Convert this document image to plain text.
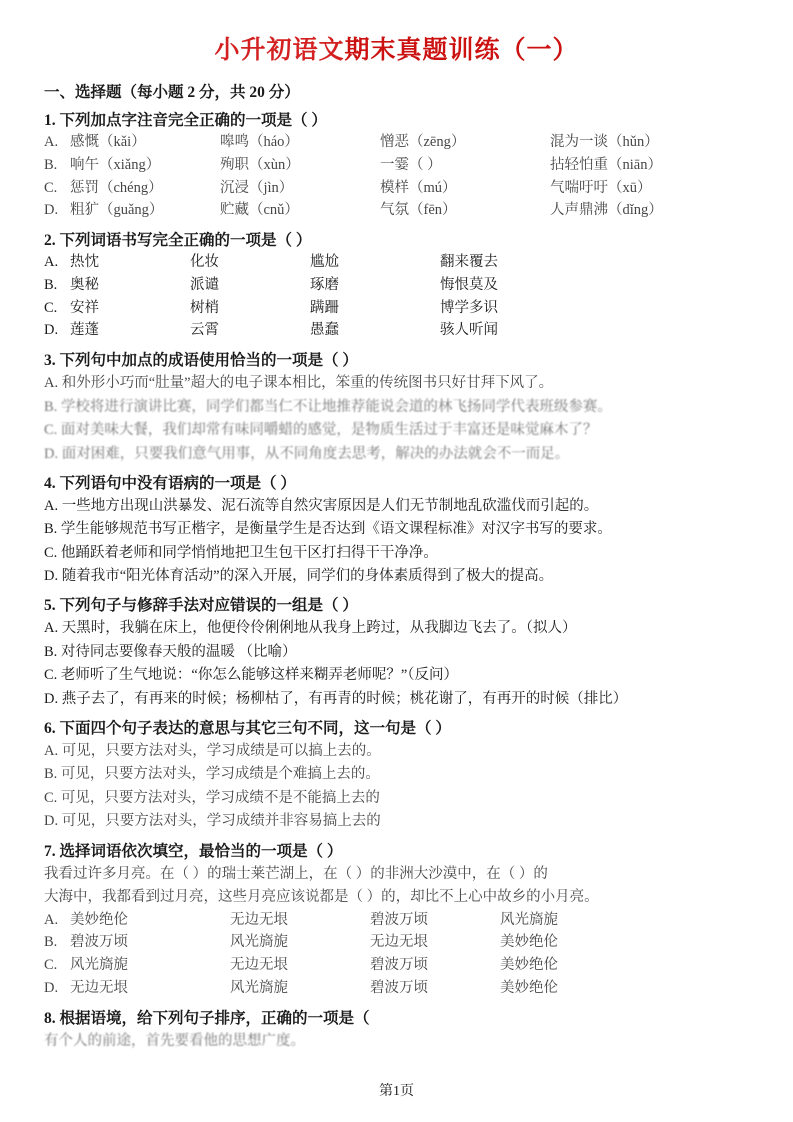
小升初语文期末真题训练（一）
一、选择题（每小题 2 分，共 20 分）
1. 下列加点字注音完全正确的一项是（ ）
A. 感慨（kǎi）	嗥鸣（háo）	憎恶（zēng）	混为一谈（hǔn）
B. 响午（xiǎng）	殉职（xùn）	一霎（ ）	拈轻怕重（niān）
C. 惩罚（chéng）	沉浸（jìn）	模样（mú）	气喘吁吁（xū）
D. 粗犷（guǎng）	贮藏（cnǔ）	气氛（fēn）	人声鼎沸（dǐng）
2. 下列词语书写完全正确的一项是（ ）
A. 热忱	化妆	尴尬	翻来覆去
B. 奥秘	派谴	琢磨	悔恨莫及
C. 安祥	树梢	蹒跚	博学多识
D. 莲蓬	云霄	愚蠢	骇人听闻
3. 下列句中加点的成语使用恰当的一项是（ ）
A. 和外形小巧而“肚量”超大的电子课本相比，笨重的传统图书只好甘拜下风了。
B. 学校将进行演讲比赛，同学们都当仁不让地推荐能说会道的林飞扬同学代表班级参赛。
C. 面对美味大餐，我们却常有味同嚼蜡的感觉，是物质生活过于丰富还是味觉麻木了？
D. 面对困难，只要我们意气用事，从不同角度去思考，解决的办法就会不一而足。
4. 下列语句中没有语病的一项是（ ）
A. 一些地方出现山洪暴发、泥石流等自然灾害原因是人们无节制地乱砍滥伐而引起的。
B. 学生能够规范书写正楷字，是衡量学生是否达到《语文课程标准》对汉字书写的要求。
C. 他踊跃着老师和同学悄悄地把卫生包干区打扫得干干净净。
D. 随着我市“阳光体育活动”的深入开展，同学们的身体素质得到了极大的提高。
5. 下列句子与修辞手法对应错误的一组是（ ）
A. 天黑时，我躺在床上，他便伶伶俐俐地从我身上跨过，从我脚边飞去了。（拟人）
B. 对待同志要像春天般的温暖 （比喻）
C. 老师听了生气地说：“你怎么能够这样来糊弄老师呢？”（反问）
D. 燕子去了，有再来的时候；杨柳枯了，有再青的时候；桃花谢了，有再开的时候（排比）
6. 下面四个句子表达的意思与其它三句不同，这一句是（ ）
A. 可见，只要方法对头，学习成绩是可以搞上去的。
B. 可见，只要方法对头，学习成绩是个难搞上去的。
C. 可见，只要方法对头，学习成绩不是不能搞上去的
D. 可见，只要方法对头，学习成绩并非容易搞上去的
7. 选择词语依次填空，最恰当的一项是（ ）
我看过许多月亮。在（ ）的瑞士莱芒湖上，在（ ）的非洲大沙漠中，在（ ）的
大海中，我都看到过月亮，这些月亮应该说都是（ ）的，却比不上心中故乡的小月亮。
A. 美妙绝伦	无边无垠	碧波万顷	风光旖旎
B. 碧波万顷	风光旖旎	无边无垠	美妙绝伦
C. 风光旖旎	无边无垠	碧波万顷	美妙绝伦
D. 无边无垠	风光旖旎	碧波万顷	美妙绝伦
8. 根据语境，给下列句子排序，正确的一项是（
有个人的前途，首先要看他的思想广度。
第1页
